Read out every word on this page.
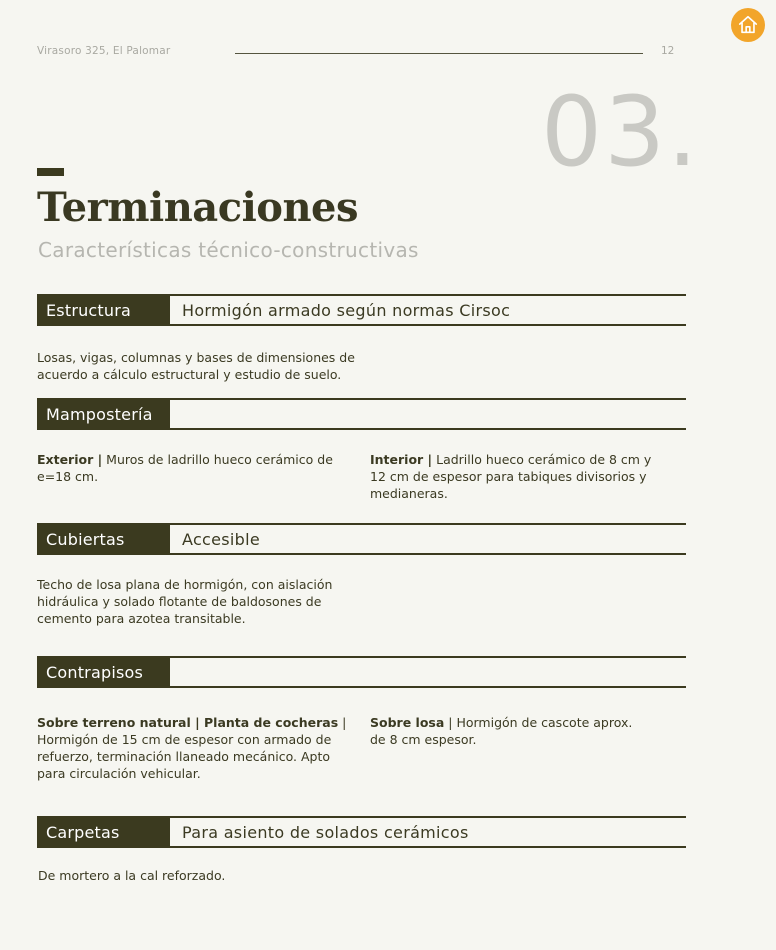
Virasoro 325, El Palomar	12
03.
Terminaciones
Características técnico-constructivas
Estructura	Hormigón armado según normas Cirsoc
Losas, vigas, columnas y bases de dimensiones de acuerdo a cálculo estructural y estudio de suelo.
Mampostería
Exterior | Muros de ladrillo hueco cerámico de e=18 cm.
Interior | Ladrillo hueco cerámico de 8 cm y 12 cm de espesor para tabiques divisorios y medianeras.
Cubiertas	Accesible
Techo de losa plana de hormigón, con aislación hidráulica y solado flotante de baldosones de cemento para azotea transitable.
Contrapisos
Sobre terreno natural | Planta de cocheras | Hormigón de 15 cm de espesor con armado de refuerzo, terminación llaneado mecánico. Apto para circulación vehicular.
Sobre losa | Hormigón de cascote aprox. de 8 cm espesor.
Carpetas	Para asiento de solados cerámicos
De mortero a la cal reforzado.
